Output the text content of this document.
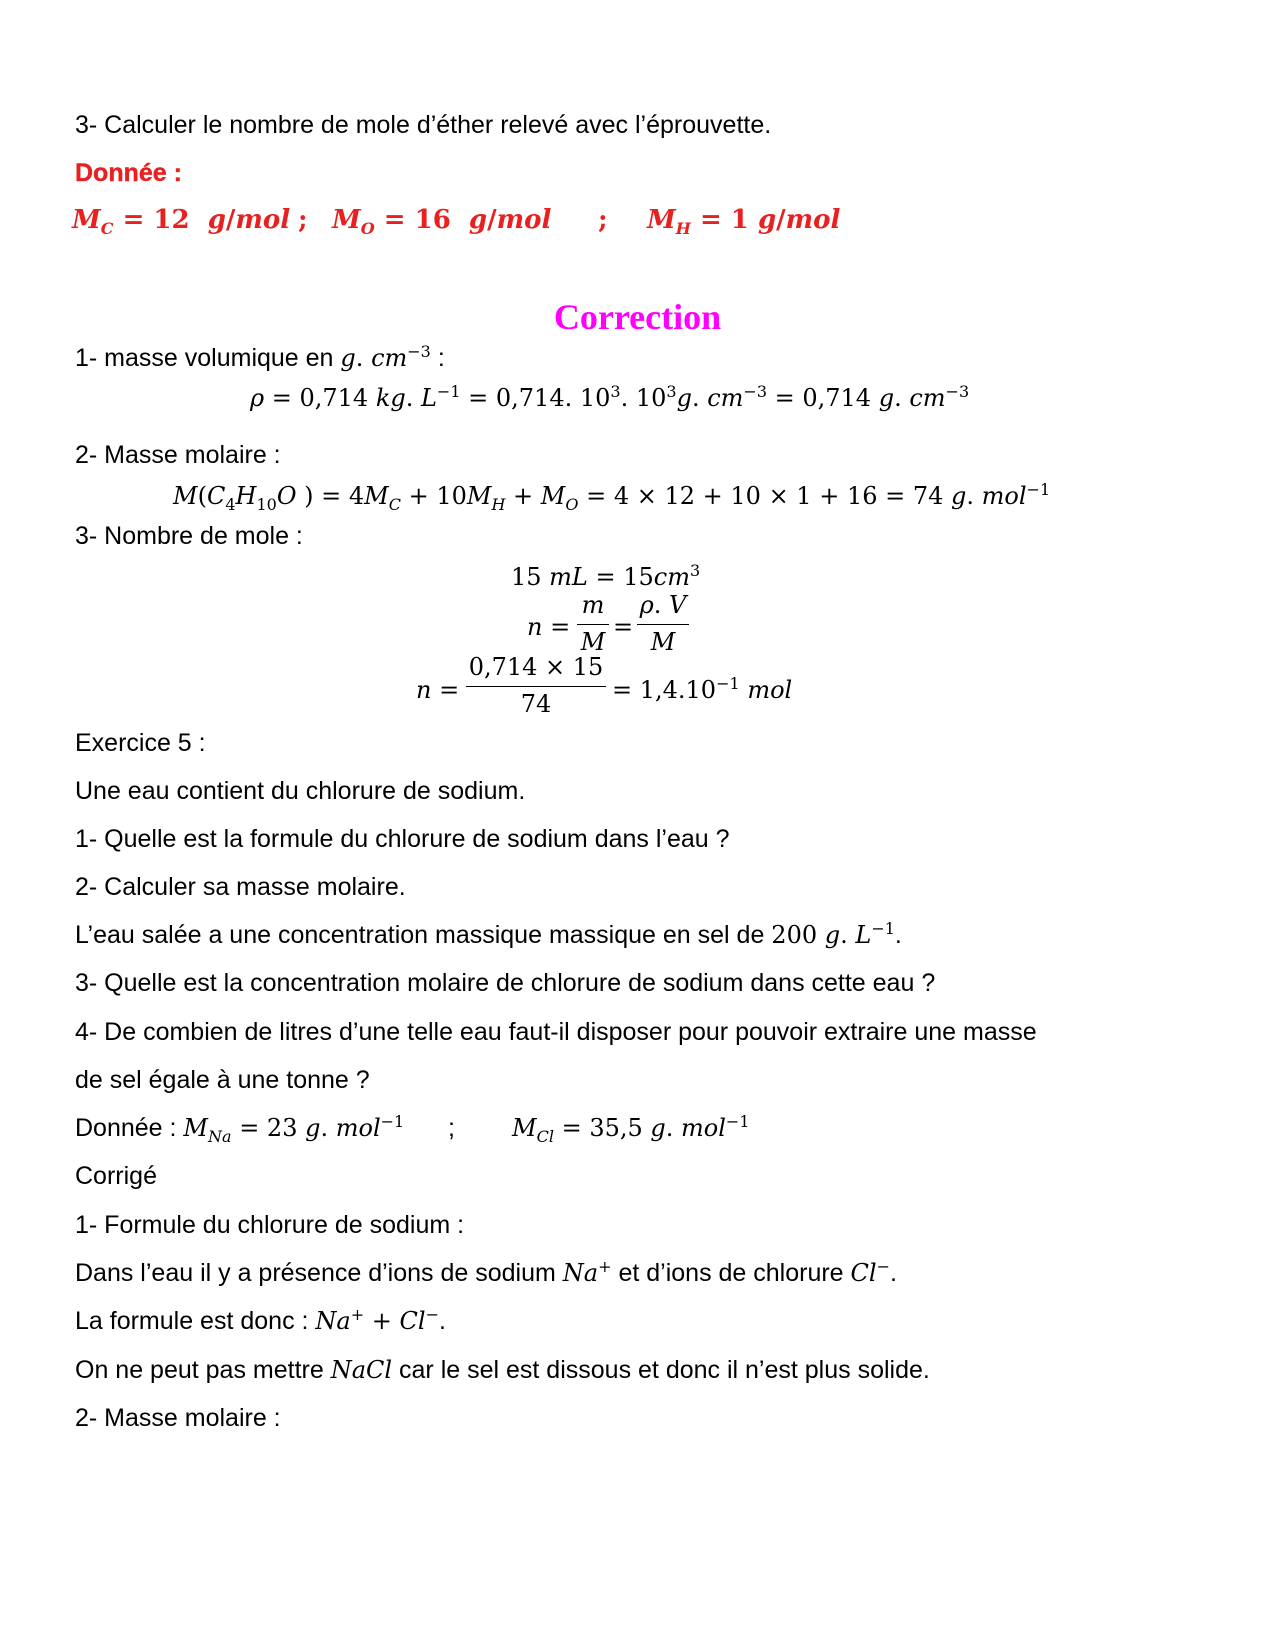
3- Calculer le nombre de mole d’éther relevé avec l’éprouvette.
Donnée :
$M_C = 12$  g/mol ; $M_O = 16$  g/mol ; $M_H = 1$ g/mol
Correction
1- masse volumique en g. $cm^{-3}$ :
ρ = 0,714 kg. $L^{-1} = 0,714$. $10^3$. $10^3g$. $cm^{-3} = 0,714$ g. $cm^{-3}$
2- Masse molaire :
$M(C_4H_{10}O$ ) = $4M_C + 10M_H + M_O = 4 \times 12 + 10 \times 1 + 16 = 74$ g. mol$^{-1}$
3- Nombre de mole :
15 mL = $15cm^3$
n =
m
M
=
ρ. V
M
n =
0,714 × 15
74	= $1,4.10^{-1}$ mol
Exercice 5 :
Une eau contient du chlorure de sodium.
1- Quelle est la formule du chlorure de sodium dans l’eau ?
2- Calculer sa masse molaire.
L’eau salée a une concentration massique massique en sel de 200 g. $L^{-1}$.
3- Quelle est la concentration molaire de chlorure de sodium dans cette eau ?
4- De combien de litres d’une telle eau faut-il disposer pour pouvoir extraire une masse
de sel égale à une tonne ?
Donnée : $M_{Na} = 23$ g. mol$^{-1}$ ; $M_{Cl} = 35,5$ g. mol$^{-1}$
Corrigé
1- Formule du chlorure de sodium :
Dans l’eau il y a présence d’ions de sodium Na+ et d’ions de chlorure Cl−.
La formule est donc : Na+ + Cl−.
On ne peut pas mettre NaCl car le sel est dissous et donc il n’est plus solide.
2- Masse molaire :
